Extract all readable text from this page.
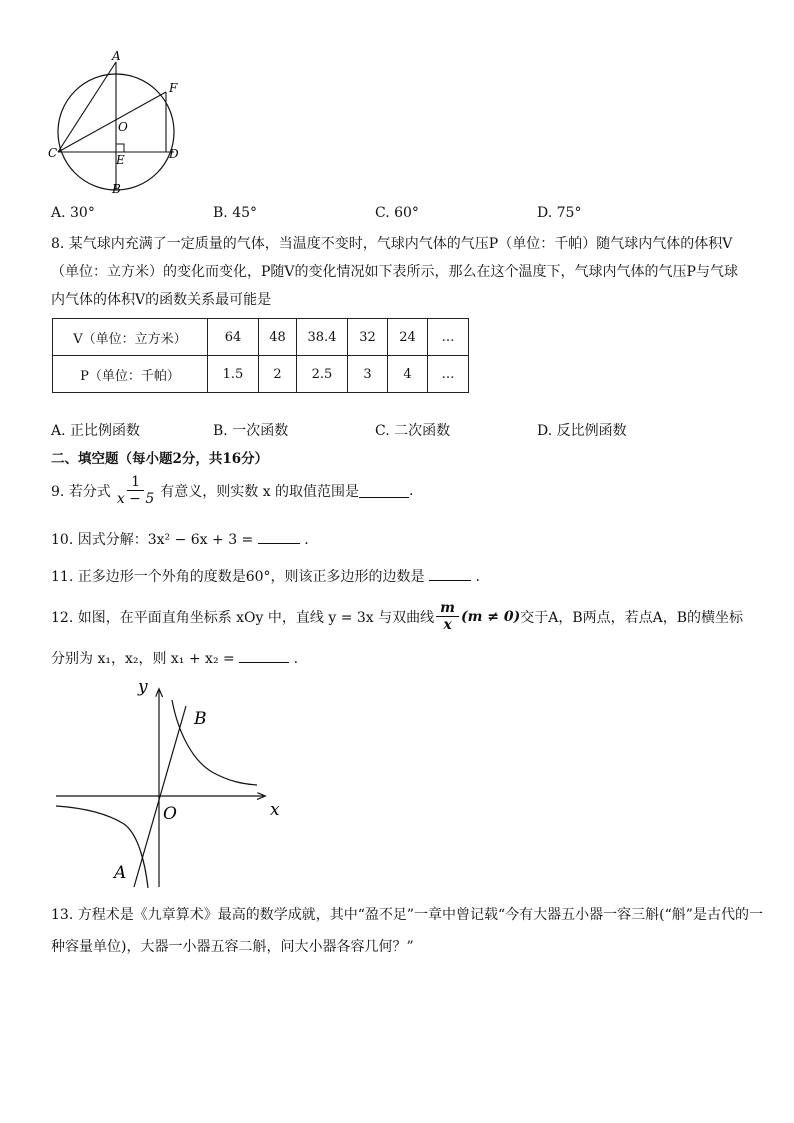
A
F
O
C	E	D
B
A. 30°	B. 45°	C. 60°	D. 75°
8. 某气球内充满了一定质量的气体，当温度不变时，气球内气体的气压P（单位：千帕）随气球内气体的体积V
（单位：立方米）的变化而变化，P随V的变化情况如下表所示，那么在这个温度下，气球内气体的气压P与气球
内气体的体积V的函数关系最可能是
V（单位：立方米）	64	48	38.4	32	24	…
P（单位：千帕）	1.5	2	2.5	3	4	…
A. 正比例函数	B. 一次函数	C. 二次函数	D. 反比例函数
二、填空题（每小题2分，共16分）
9. 若分式 $\frac{1}{x - 5}$ 有意义，则实数 x 的取值范围是	.
10. 因式分解：3x² − 6x + 3 =	.
11. 正多边形一个外角的度数是60°，则该正多边形的边数是	.
12. 如图，在平面直角坐标系 xOy 中，直线 y = 3x 与双曲线 $\frac{m}{x} (m \ne 0)$ 交于A，B两点，若点A，B的横坐标
分别为 x₁，x₂，则 x₁ + x₂ =	.
y
x
O
B
A
13. 方程术是《九章算术》最高的数学成就，其中“盈不足”一章中曾记载“今有大器五小器一容三斛(“斛”是古代的一
种容量单位)，大器一小器五容二斛，问大小器各容几何？”
